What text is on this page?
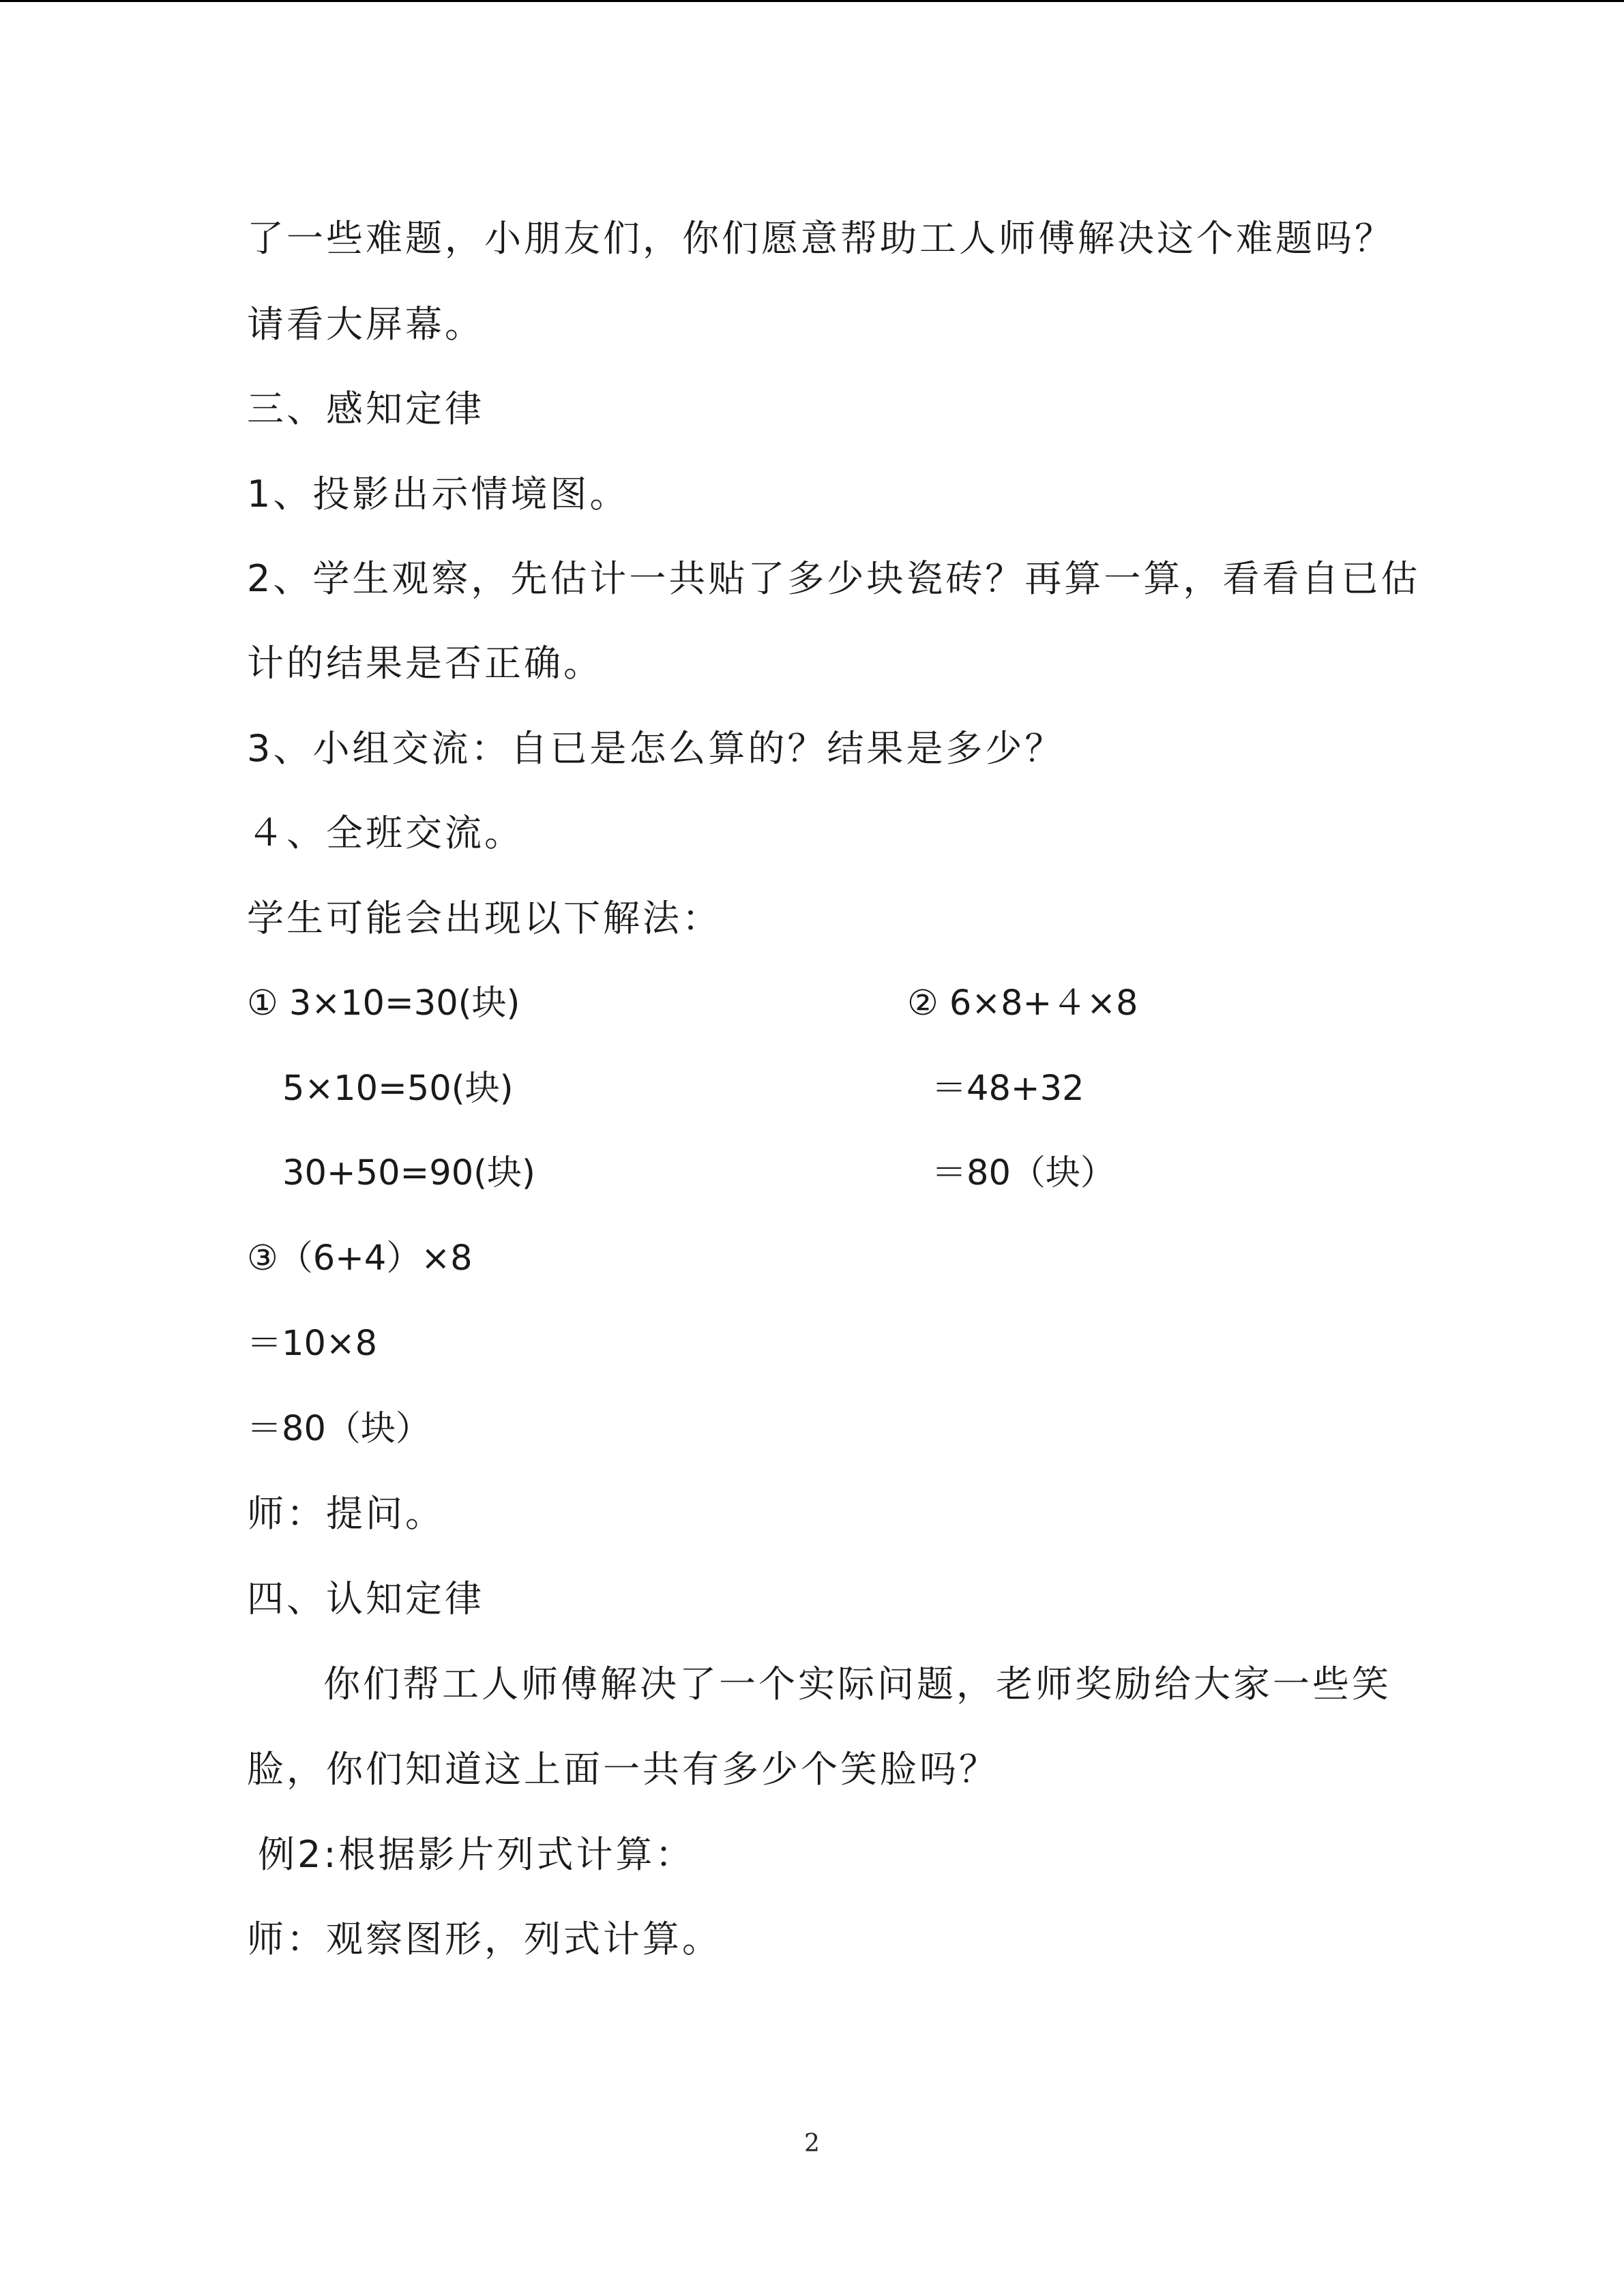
了一些难题，小朋友们，你们愿意帮助工人师傅解决这个难题吗？
请看大屏幕。
三、感知定律
1、投影出示情境图。
2、学生观察，先估计一共贴了多少块瓷砖？再算一算，看看自已估
计的结果是否正确。
3、小组交流：自已是怎么算的？结果是多少？
４、全班交流。
学生可能会出现以下解法：
① 3×10=30(块)
5×10=50(块)
30+50=90(块)
② 6×8+４×8
＝48+32
＝80（块）
③（6+4）×8
＝10×8
＝80（块）
师：提问。
四、认知定律
你们帮工人师傅解决了一个实际问题，老师奖励给大家一些笑
脸，你们知道这上面一共有多少个笑脸吗？
例2:根据影片列式计算：
师：观察图形，列式计算。
2
